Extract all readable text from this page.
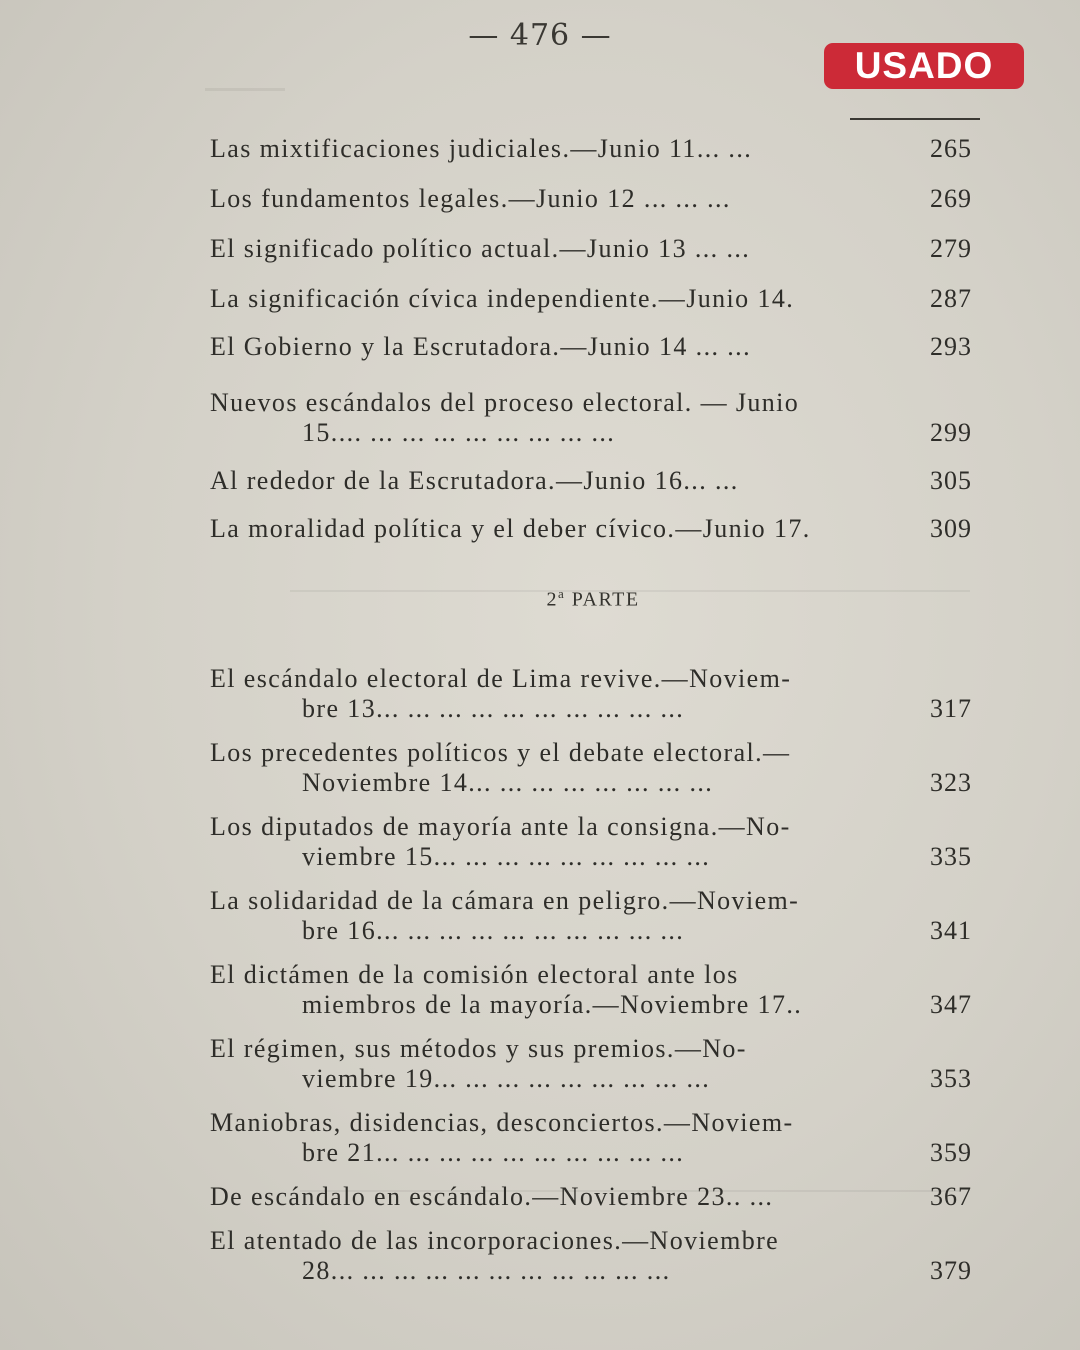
— 476 —
USADO
Las mixtificaciones judiciales.—Junio 11... ...	265
Los fundamentos legales.—Junio 12 ... ... ...	269
El significado político actual.—Junio 13 ... ...	279
La significación cívica independiente.—Junio 14.	287
El Gobierno y la Escrutadora.—Junio 14 ... ...	293
Nuevos escándalos del proceso electoral. — Junio
15.... ... ... ... ... ... ... ... ...	299
Al rededor de la Escrutadora.—Junio 16... ...	305
La moralidad política y el deber cívico.—Junio 17.	309
2$^a$ PARTE
El escándalo electoral de Lima revive.—Noviem-
bre 13... ... ... ... ... ... ... ... ... ...	317
Los precedentes políticos y el debate electoral.—
Noviembre 14... ... ... ... ... ... ... ...	323
Los diputados de mayoría ante la consigna.—No-
viembre 15... ... ... ... ... ... ... ... ...	335
La solidaridad de la cámara en peligro.—Noviem-
bre 16... ... ... ... ... ... ... ... ... ...	341
El dictámen de la comisión electoral ante los
miembros de la mayoría.—Noviembre 17..	347
El régimen, sus métodos y sus premios.—No-
viembre 19... ... ... ... ... ... ... ... ...	353
Maniobras, disidencias, desconciertos.—Noviem-
bre 21... ... ... ... ... ... ... ... ... ...	359
De escándalo en escándalo.—Noviembre 23.. ...	367
El atentado de las incorporaciones.—Noviembre
28... ... ... ... ... ... ... ... ... ... ...	379
